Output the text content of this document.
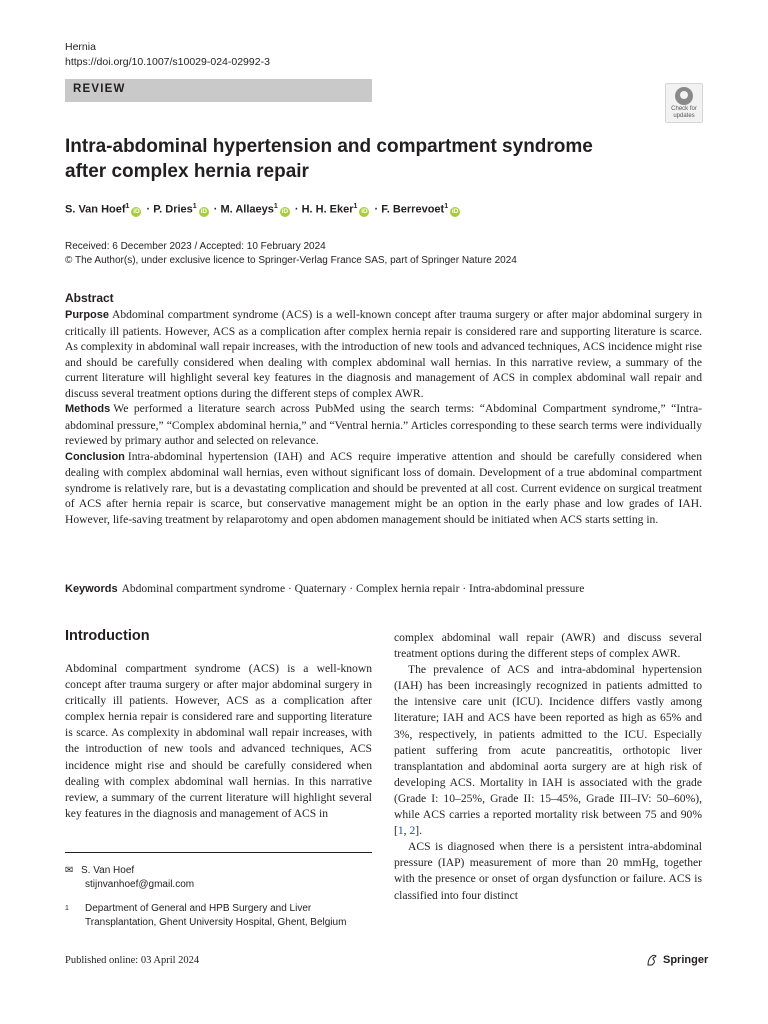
Hernia
https://doi.org/10.1007/s10029-024-02992-3
REVIEW
Check for updates
Intra-abdominal hypertension and compartment syndrome after complex hernia repair
S. Van Hoef$^1$iD · P. Dries$^1$iD · M. Allaeys$^1$iD · H. H. Eker$^1$iD · F. Berrevoet$^1$iD
Received: 6 December 2023 / Accepted: 10 February 2024
© The Author(s), under exclusive licence to Springer-Verlag France SAS, part of Springer Nature 2024
Abstract

Purpose Abdominal compartment syndrome (ACS) is a well-known concept after trauma surgery or after major abdominal surgery in critically ill patients. However, ACS as a complication after complex hernia repair is considered rare and supporting literature is scarce. As complexity in abdominal wall repair increases, with the introduction of new tools and advanced techniques, ACS incidence might rise and should be carefully considered when dealing with complex abdominal wall hernias. In this narrative review, a summary of the current literature will highlight several key features in the diagnosis and management of ACS in complex abdominal wall repair and discuss several treatment options during the different steps of complex AWR.

Methods We performed a literature search across PubMed using the search terms: “Abdominal Compartment syndrome,” “Intra-abdominal pressure,” “Complex abdominal hernia,” and “Ventral hernia.” Articles corresponding to these search terms were individually reviewed by primary author and selected on relevance.

Conclusion Intra-abdominal hypertension (IAH) and ACS require imperative attention and should be carefully considered when dealing with complex abdominal wall hernias, even without significant loss of domain. Development of a true abdominal compartment syndrome is relatively rare, but is a devastating complication and should be prevented at all cost. Current evidence on surgical treatment of ACS after hernia repair is scarce, but conservative management might be an option in the early phase and low grades of IAH. However, life-saving treatment by relaparotomy and open abdomen management should be initiated when ACS starts setting in.

Keywords Abdominal compartment syndrome · Quaternary · Complex hernia repair · Intra-abdominal pressure
Introduction
Abdominal compartment syndrome (ACS) is a well-known concept after trauma surgery or after major abdominal surgery in critically ill patients. However, ACS as a complication after complex hernia repair is considered rare and supporting literature is scarce. As complexity in abdominal wall repair increases, with the introduction of new tools and advanced techniques, ACS incidence might rise and should be carefully considered when dealing with complex abdominal wall hernias. In this narrative review, a summary of the current literature will highlight several key features in the diagnosis and management of ACS in

complex abdominal wall repair (AWR) and discuss several treatment options during the different steps of complex AWR.

The prevalence of ACS and intra-abdominal hypertension (IAH) has been increasingly recognized in patients admitted to the intensive care unit (ICU). Incidence differs vastly among literature; IAH and ACS have been reported as high as 65% and 3%, respectively, in patients admitted to the ICU. Especially patient suffering from acute pancreatitis, orthotopic liver transplantation and abdominal aorta surgery are at high risk of developing ACS. Mortality in IAH is associated with the grade (Grade I: 10–25%, Grade II: 15–45%, Grade III–IV: 50–60%), while ACS carries a reported mortality risk between 75 and 90% [1, 2].

ACS is diagnosed when there is a persistent intra-abdominal pressure (IAP) measurement of more than 20 mmHg, together with the presence or onset of organ dysfunction or failure. ACS is classified into four distinct

✉ S. Van Hoef
stijnvanhoef@gmail.com
1 Department of General and HPB Surgery and Liver Transplantation, Ghent University Hospital, Ghent, Belgium
Published online: 03 April 2024	Springer
